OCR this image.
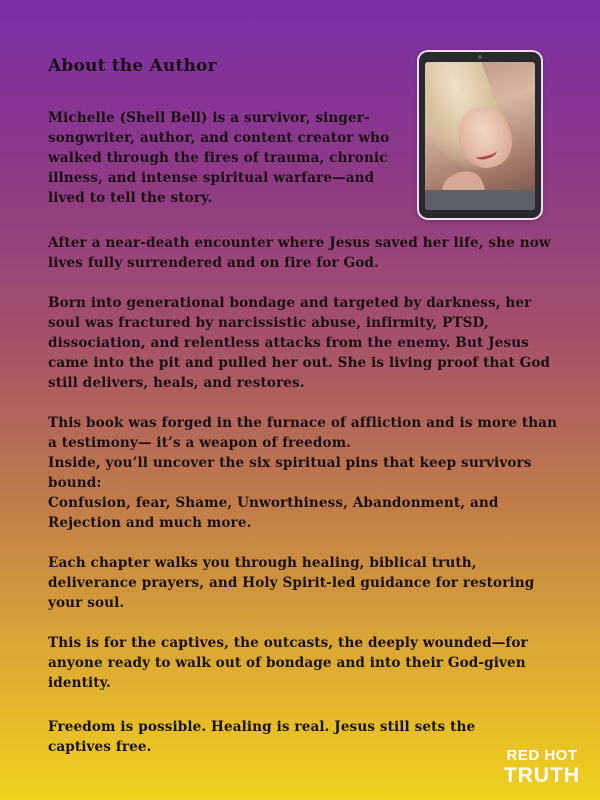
About the Author

Michelle (Shell Bell) is a survivor, singer-songwriter, author, and content creator who walked through the fires of trauma, chronic illness, and intense spiritual warfare—and lived to tell the story.

After a near-death encounter where Jesus saved her life, she now lives fully surrendered and on fire for God.

Born into generational bondage and targeted by darkness, her soul was fractured by narcissistic abuse, infirmity, PTSD, dissociation, and relentless attacks from the enemy. But Jesus came into the pit and pulled her out. She is living proof that God still delivers, heals, and restores.

This book was forged in the furnace of affliction and is more than a testimony— it’s a weapon of freedom.
Inside, you’ll uncover the six spiritual pins that keep survivors bound:
Confusion, fear, Shame, Unworthiness, Abandonment, and Rejection and much more.

Each chapter walks you through healing, biblical truth, deliverance prayers, and Holy Spirit-led guidance for restoring your soul.

This is for the captives, the outcasts, the deeply wounded—for anyone ready to walk out of bondage and into their God-given identity.

Freedom is possible. Healing is real. Jesus still sets the captives free.	RED HOT
TRUTH
